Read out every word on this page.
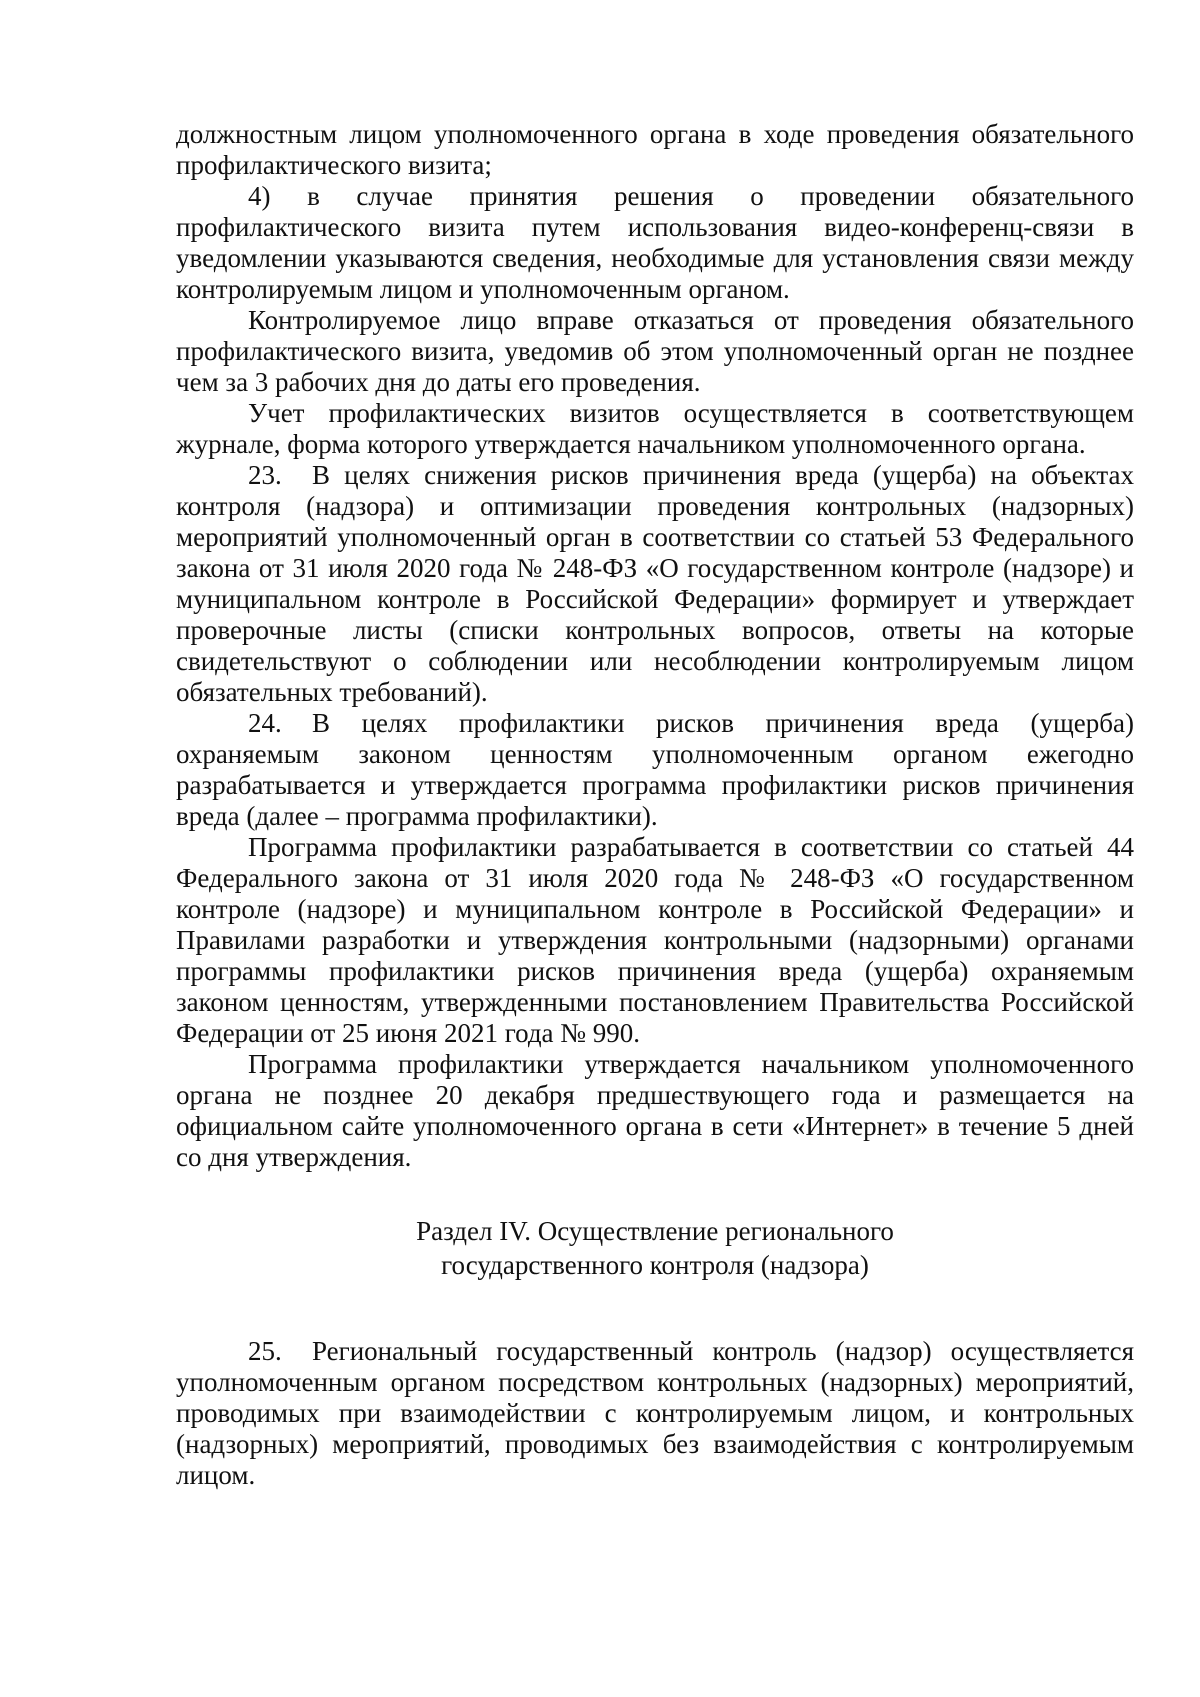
должностным лицом уполномоченного органа в ходе проведения обязательного профилактического визита;

4) в случае принятия решения о проведении обязательного профилактического визита путем использования видео-конференц-связи в уведомлении указываются сведения, необходимые для установления связи между контролируемым лицом и уполномоченным органом.

Контролируемое лицо вправе отказаться от проведения обязательного профилактического визита, уведомив об этом уполномоченный орган не позднее чем за 3 рабочих дня до даты его проведения.

Учет профилактических визитов осуществляется в соответствующем журнале, форма которого утверждается начальником уполномоченного органа.

23. В целях снижения рисков причинения вреда (ущерба) на объектах контроля (надзора) и оптимизации проведения контрольных (надзорных) мероприятий уполномоченный орган в соответствии со статьей 53 Федерального закона от 31 июля 2020 года № 248-ФЗ «О государственном контроле (надзоре) и муниципальном контроле в Российской Федерации» формирует и утверждает проверочные листы (списки контрольных вопросов, ответы на которые свидетельствуют о соблюдении или несоблюдении контролируемым лицом обязательных требований).

24. В целях профилактики рисков причинения вреда (ущерба) охраняемым законом ценностям уполномоченным органом ежегодно разрабатывается и утверждается программа профилактики рисков причинения вреда (далее – программа профилактики).

Программа профилактики разрабатывается в соответствии со статьей 44 Федерального закона от 31 июля 2020 года № 248-ФЗ «О государственном контроле (надзоре) и муниципальном контроле в Российской Федерации» и Правилами разработки и утверждения контрольными (надзорными) органами программы профилактики рисков причинения вреда (ущерба) охраняемым законом ценностям, утвержденными постановлением Правительства Российской Федерации от 25 июня 2021 года № 990.

Программа профилактики утверждается начальником уполномоченного органа не позднее 20 декабря предшествующего года и размещается на официальном сайте уполномоченного органа в сети «Интернет» в течение 5 дней со дня утверждения.

Раздел IV. Осуществление регионального
государственного контроля (надзора)

25. Региональный государственный контроль (надзор) осуществляется уполномоченным органом посредством контрольных (надзорных) мероприятий, проводимых при взаимодействии с контролируемым лицом, и контрольных (надзорных) мероприятий, проводимых без взаимодействия с контролируемым лицом.
